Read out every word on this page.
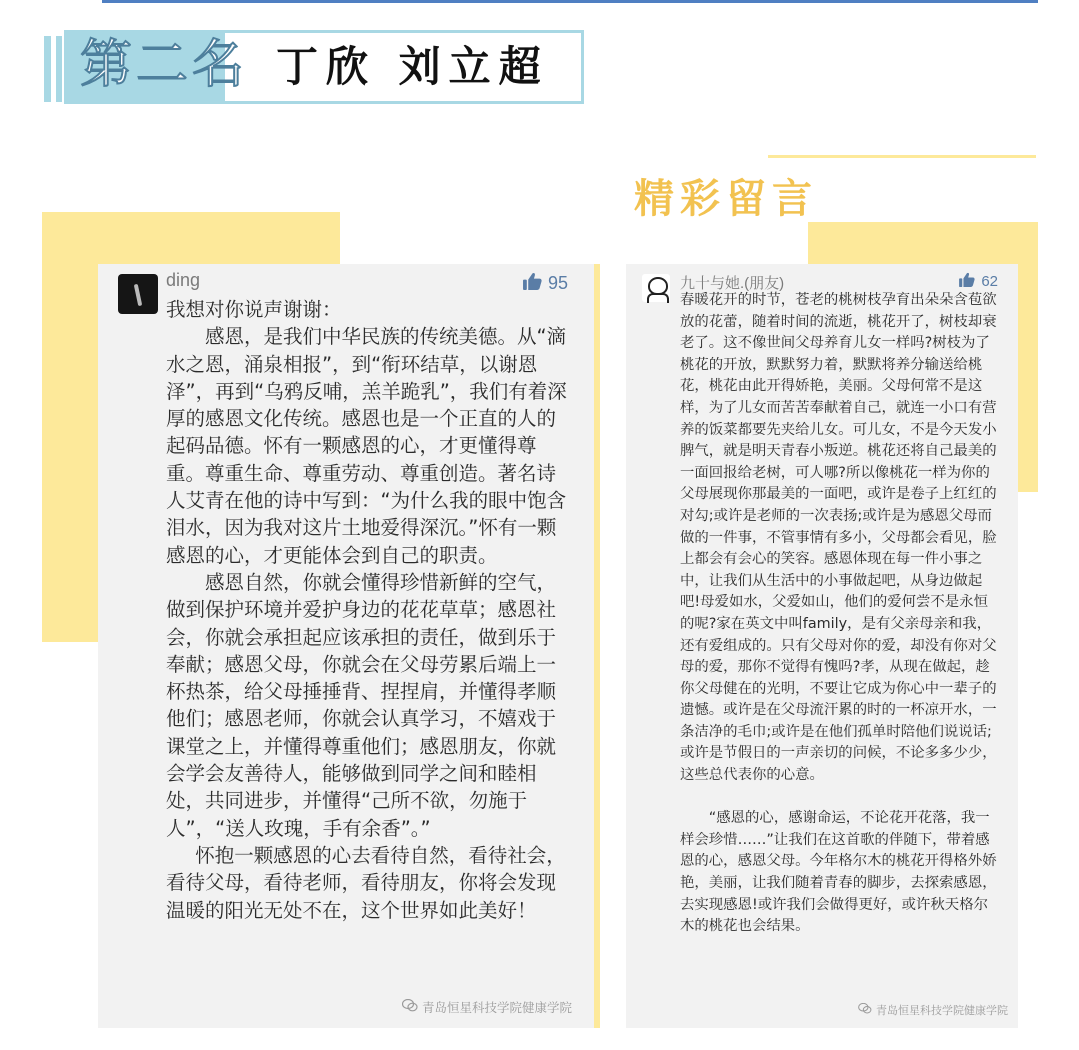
第二名 丁欣 刘立超
精彩留言
ding	95

我想对你说声谢谢：

感恩，是我们中华民族的传统美德。从“滴水之恩，涌泉相报”，到“衔环结草，以谢恩泽”，再到“乌鸦反哺，羔羊跪乳”，我们有着深厚的感恩文化传统。感恩也是一个正直的人的起码品德。怀有一颗感恩的心，才更懂得尊重。尊重生命、尊重劳动、尊重创造。著名诗人艾青在他的诗中写到：“为什么我的眼中饱含泪水，因为我对这片土地爱得深沉。”怀有一颗感恩的心，才更能体会到自己的职责。

感恩自然，你就会懂得珍惜新鲜的空气，做到保护环境并爱护身边的花花草草；感恩社会，你就会承担起应该承担的责任，做到乐于奉献；感恩父母，你就会在父母劳累后端上一杯热茶，给父母捶捶背、捏捏肩，并懂得孝顺他们；感恩老师，你就会认真学习，不嬉戏于课堂之上，并懂得尊重他们；感恩朋友，你就会学会友善待人，能够做到同学之间和睦相处，共同进步，并懂得“己所不欲，勿施于人”，“送人玫瑰，手有余香”。”

怀抱一颗感恩的心去看待自然，看待社会，看待父母，看待老师，看待朋友，你将会发现温暖的阳光无处不在，这个世界如此美好！

青岛恒星科技学院健康学院
九十与她.(朋友)	62

春暖花开的时节，苍老的桃树枝孕育出朵朵含苞欲放的花蕾，随着时间的流逝，桃花开了，树枝却衰老了。这不像世间父母养育儿女一样吗?树枝为了桃花的开放，默默努力着，默默将养分输送给桃花，桃花由此开得娇艳，美丽。父母何常不是这样，为了儿女而苦苦奉献着自己，就连一小口有营养的饭菜都要先夹给儿女。可儿女，不是今天发小脾气，就是明天青春小叛逆。桃花还将自己最美的一面回报给老树，可人哪?所以像桃花一样为你的父母展现你那最美的一面吧，或许是卷子上红红的对勾;或许是老师的一次表扬;或许是为感恩父母而做的一件事，不管事情有多小，父母都会看见，脸上都会有会心的笑容。感恩体现在每一件小事之中，让我们从生活中的小事做起吧，从身边做起吧!母爱如水，父爱如山，他们的爱何尝不是永恒的呢?家在英文中叫family，是有父亲母亲和我，还有爱组成的。只有父母对你的爱，却没有你对父母的爱，那你不觉得有愧吗?孝，从现在做起，趁你父母健在的光明，不要让它成为你心中一辈子的遗憾。或许是在父母流汗累的时的一杯凉开水，一条洁净的毛巾;或许是在他们孤单时陪他们说说话;或许是节假日的一声亲切的问候，不论多多少少，这些总代表你的心意。

“感恩的心，感谢命运，不论花开花落，我一样会珍惜……”让我们在这首歌的伴随下，带着感恩的心，感恩父母。今年格尔木的桃花开得格外娇艳，美丽，让我们随着青春的脚步，去探索感恩，去实现感恩!或许我们会做得更好，或许秋天格尔木的桃花也会结果。

青岛恒星科技学院健康学院
